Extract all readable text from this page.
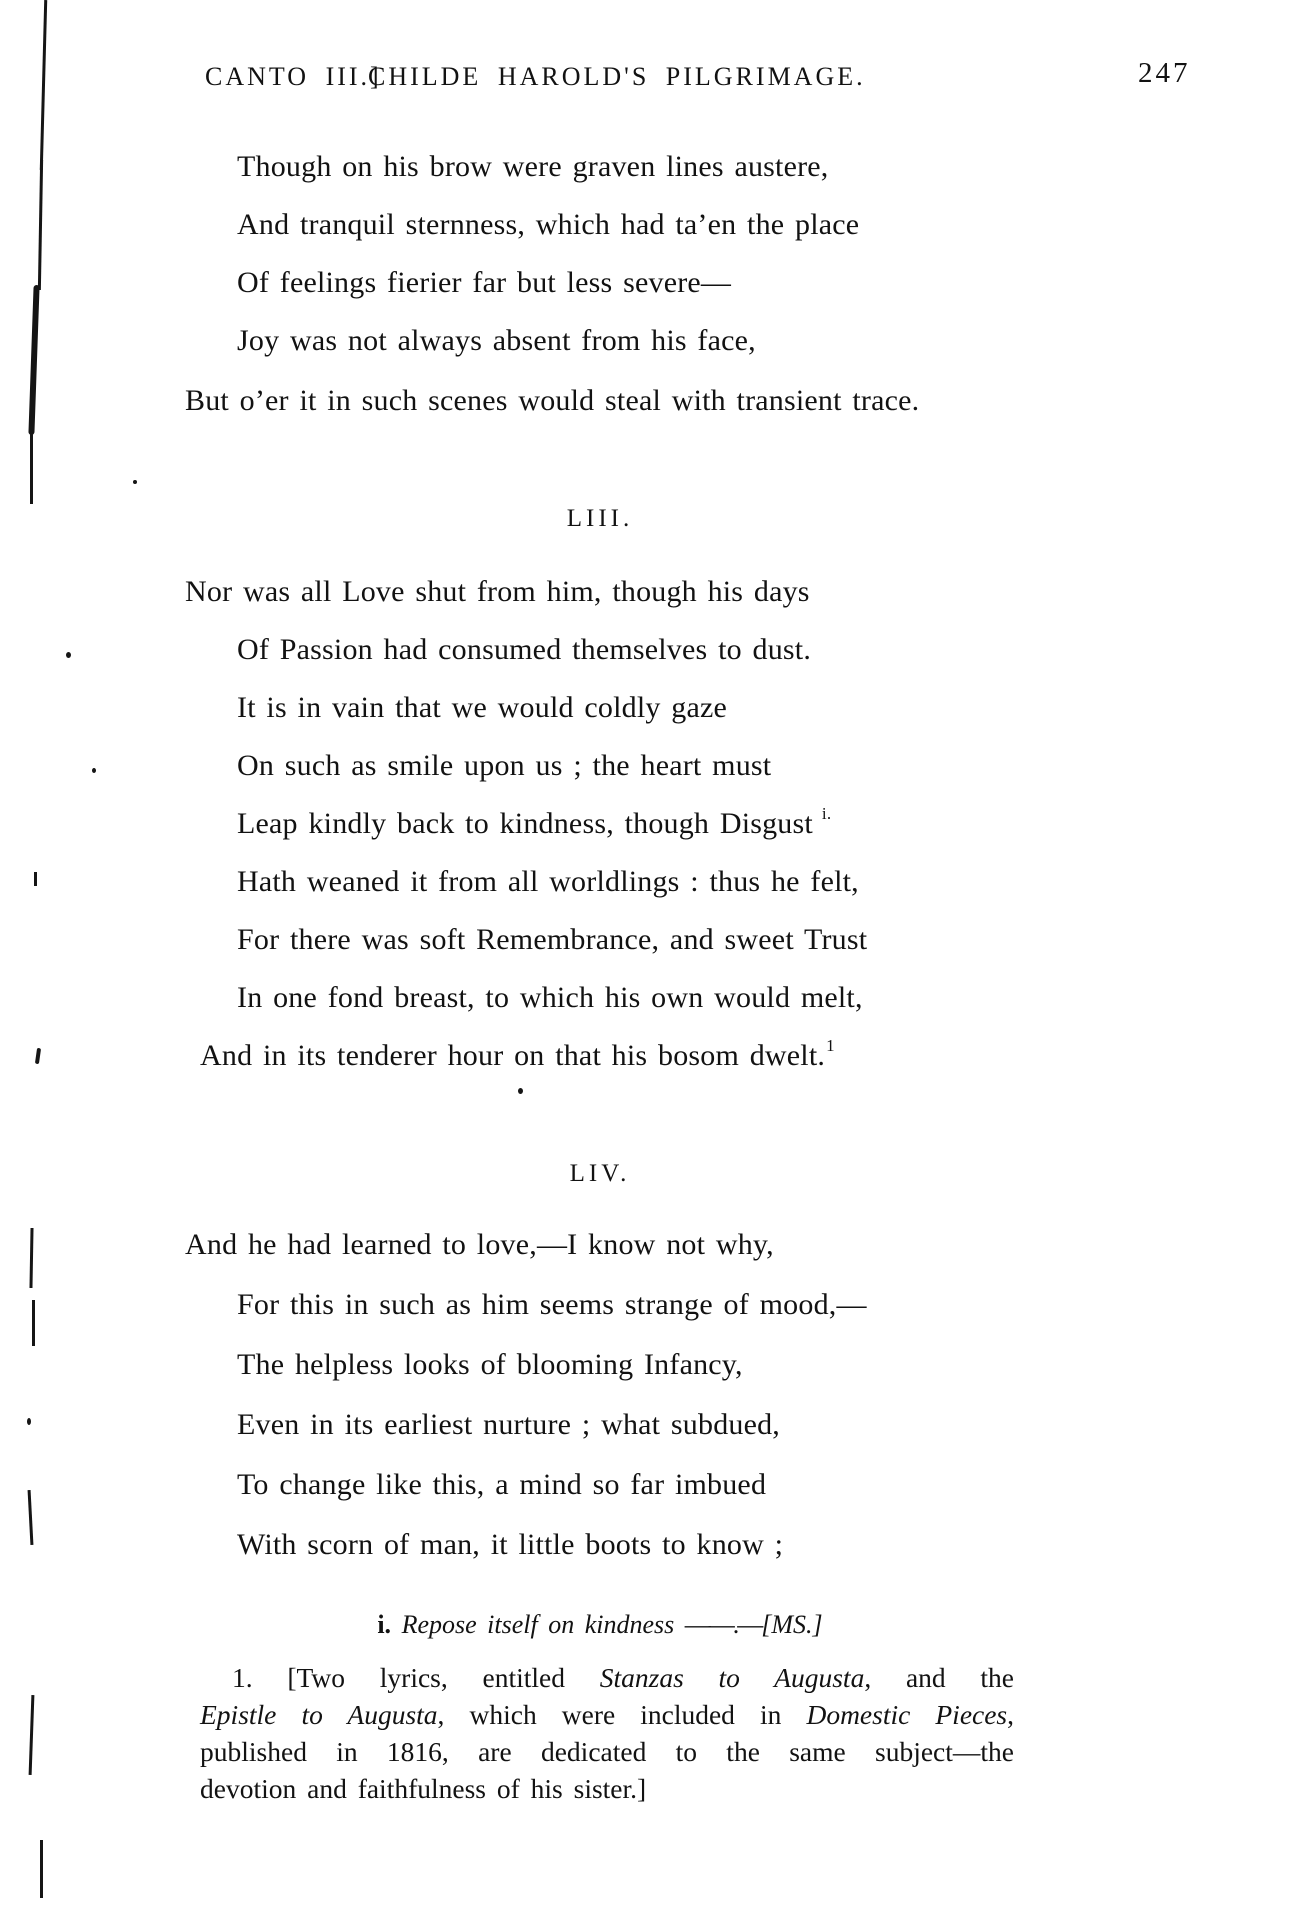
CANTO III.]
CHILDE HAROLD'S PILGRIMAGE.	247
Though on his brow were graven lines austere,
And tranquil sternness, which had ta’en the place
Of feelings fierier far but less severe—
Joy was not always absent from his face,
But o’er it in such scenes would steal with transient trace.
LIII.
Nor was all Love shut from him, though his days
Of Passion had consumed themselves to dust.
It is in vain that we would coldly gaze
On such as smile upon us ; the heart must
Leap kindly back to kindness, though Disgust $^{i.}$
Hath weaned it from all worldlings : thus he felt,
For there was soft Remembrance, and sweet Trust
In one fond breast, to which his own would melt,
And in its tenderer hour on that his bosom dwelt.$^1$
LIV.
And he had learned to love,—I know not why,
For this in such as him seems strange of mood,—
The helpless looks of blooming Infancy,
Even in its earliest nurture ; what subdued,
To change like this, a mind so far imbued
With scorn of man, it little boots to know ;
i. Repose itself on kindness ——.—[MS.]
1. [Two lyrics, entitled Stanzas to Augusta, and the
Epistle to Augusta, which were included in Domestic Pieces,
published in 1816, are dedicated to the same subject—the
devotion and faithfulness of his sister.]
